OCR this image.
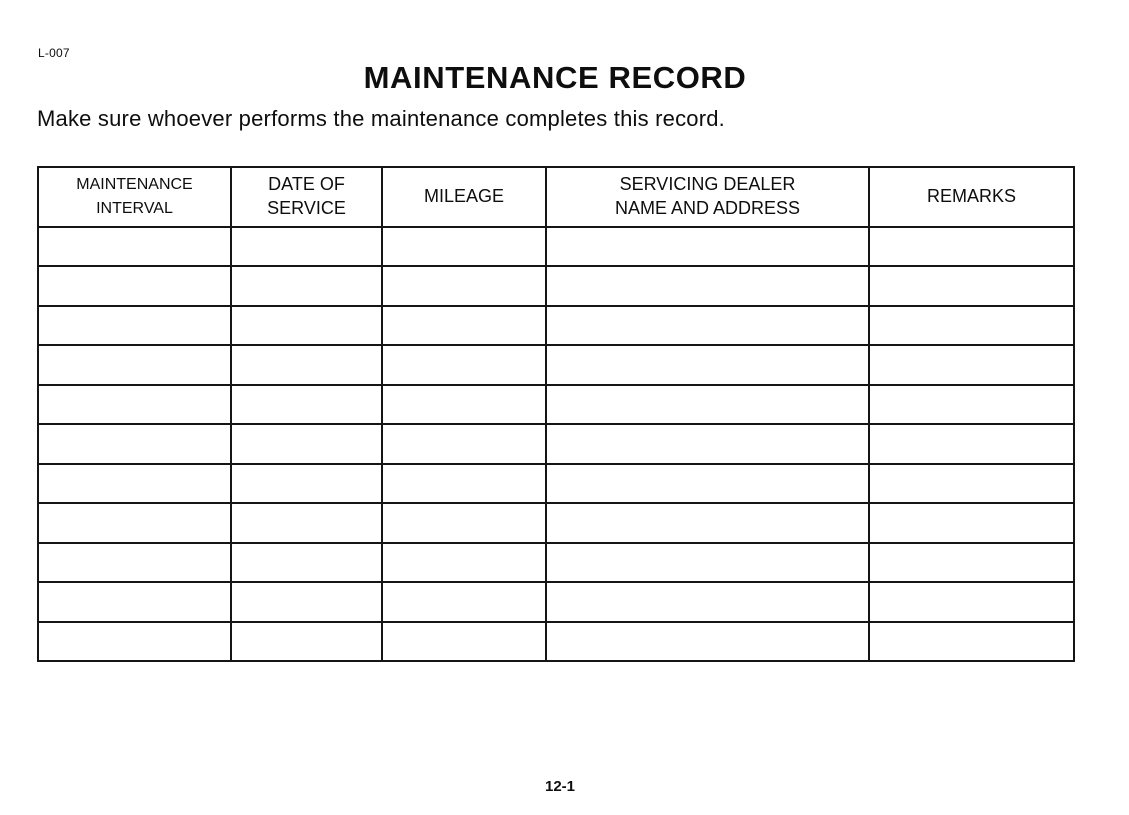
L-007
MAINTENANCE RECORD

Make sure whoever performs the maintenance completes this record.

MAINTENANCE INTERVAL	DATE OF SERVICE	MILEAGE	SERVICING DEALER NAME AND ADDRESS	REMARKS

12-1
